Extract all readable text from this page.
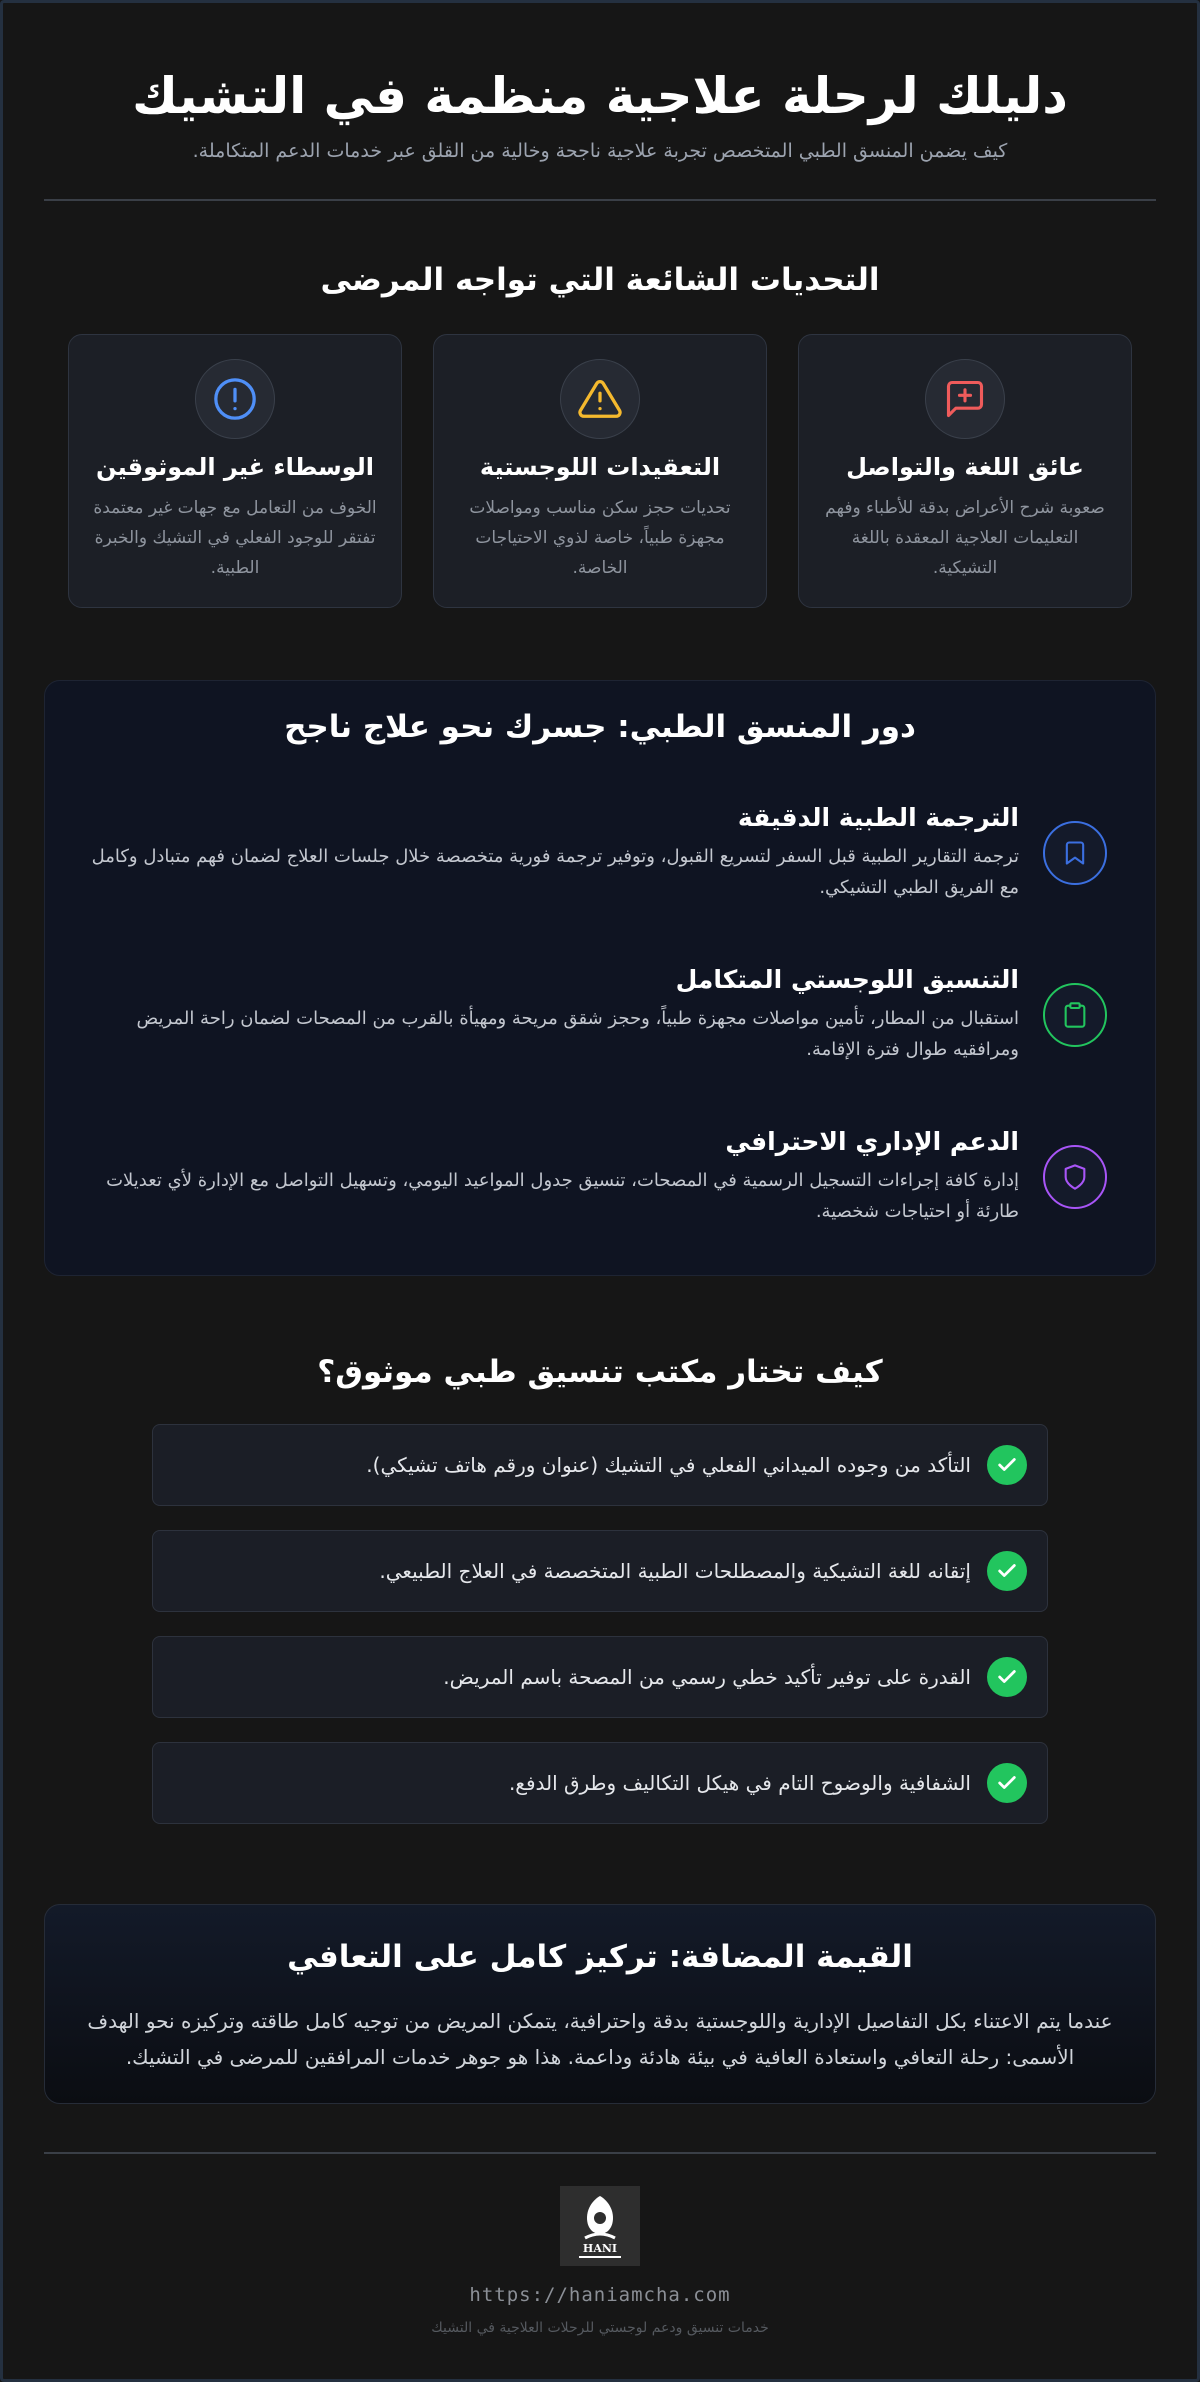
دليلك لرحلة علاجية منظمة في التشيك

كيف يضمن المنسق الطبي المتخصص تجربة علاجية ناجحة وخالية من القلق عبر خدمات الدعم المتكاملة.

التحديات الشائعة التي تواجه المرضى
عائق اللغة والتواصل

صعوبة شرح الأعراض بدقة للأطباء وفهم التعليمات العلاجية المعقدة باللغة التشيكية.

التعقيدات اللوجستية

تحديات حجز سكن مناسب ومواصلات مجهزة طبياً، خاصة لذوي الاحتياجات الخاصة.

الوسطاء غير الموثوقين

الخوف من التعامل مع جهات غير معتمدة تفتقر للوجود الفعلي في التشيك والخبرة الطبية.

دور المنسق الطبي: جسرك نحو علاج ناجح
الترجمة الطبية الدقيقة

ترجمة التقارير الطبية قبل السفر لتسريع القبول، وتوفير ترجمة فورية متخصصة خلال جلسات العلاج لضمان فهم متبادل وكامل مع الفريق الطبي التشيكي.

التنسيق اللوجستي المتكامل

استقبال من المطار، تأمين مواصلات مجهزة طبياً، وحجز شقق مريحة ومهيأة بالقرب من المصحات لضمان راحة المريض ومرافقيه طوال فترة الإقامة.

الدعم الإداري الاحترافي

إدارة كافة إجراءات التسجيل الرسمية في المصحات، تنسيق جدول المواعيد اليومي، وتسهيل التواصل مع الإدارة لأي تعديلات طارئة أو احتياجات شخصية.

كيف تختار مكتب تنسيق طبي موثوق؟
التأكد من وجوده الميداني الفعلي في التشيك (عنوان ورقم هاتف تشيكي).
إتقانه للغة التشيكية والمصطلحات الطبية المتخصصة في العلاج الطبيعي.
القدرة على توفير تأكيد خطي رسمي من المصحة باسم المريض.
الشفافية والوضوح التام في هيكل التكاليف وطرق الدفع.
القيمة المضافة: تركيز كامل على التعافي

عندما يتم الاعتناء بكل التفاصيل الإدارية واللوجستية بدقة واحترافية، يتمكن المريض من توجيه كامل طاقته وتركيزه نحو الهدف الأسمى: رحلة التعافي واستعادة العافية في بيئة هادئة وداعمة. هذا هو جوهر خدمات المرافقين للمرضى في التشيك.

HANI
https://haniamcha.com
خدمات تنسيق ودعم لوجستي للرحلات العلاجية في التشيك
